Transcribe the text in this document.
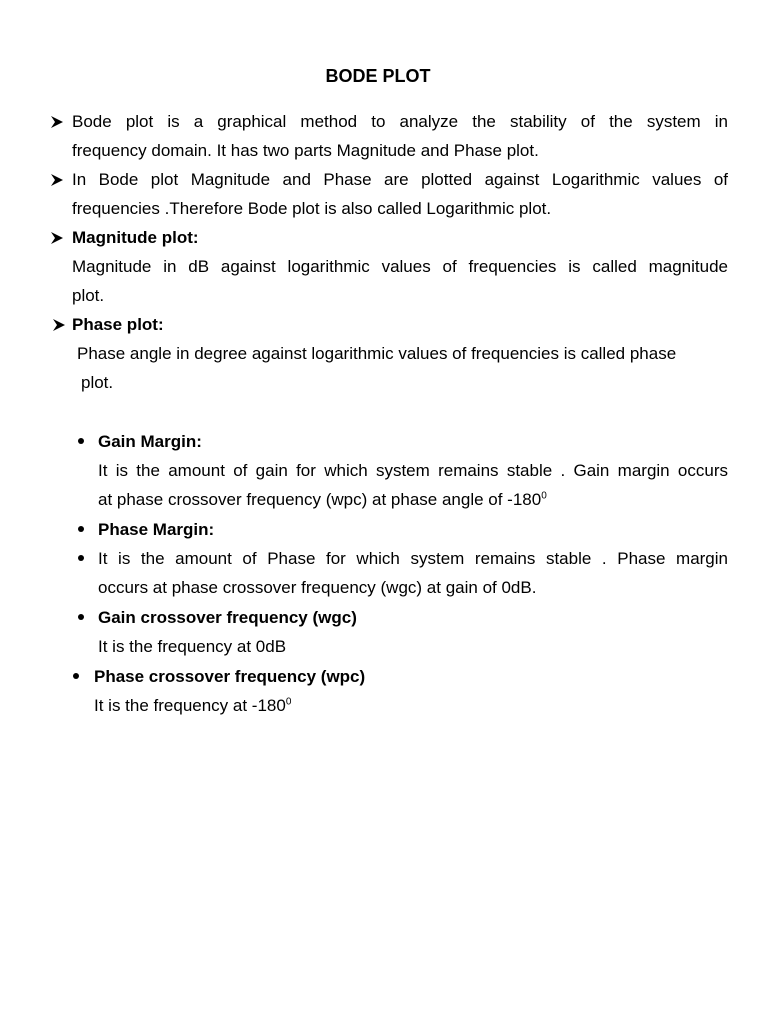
BODE PLOT
Bode plot is a graphical method to analyze the stability of the system in
frequency domain. It has two parts Magnitude and Phase plot.
In Bode plot Magnitude and Phase are plotted against Logarithmic values of
frequencies .Therefore Bode plot is also called Logarithmic plot.
Magnitude plot:
Magnitude in dB against logarithmic values of frequencies is called magnitude
plot.
Phase plot:
Phase angle in degree against logarithmic values of frequencies is called phase
plot.
Gain Margin:
It is the amount of gain for which system remains stable . Gain margin occurs
at phase crossover frequency (wpc) at phase angle of $-180^0$
Phase Margin:
It is the amount of Phase for which system remains stable . Phase margin
occurs at phase crossover frequency (wgc) at gain of 0dB.
Gain crossover frequency (wgc)
It is the frequency at 0dB
Phase crossover frequency (wpc)
It is the frequency at $-180^0$
